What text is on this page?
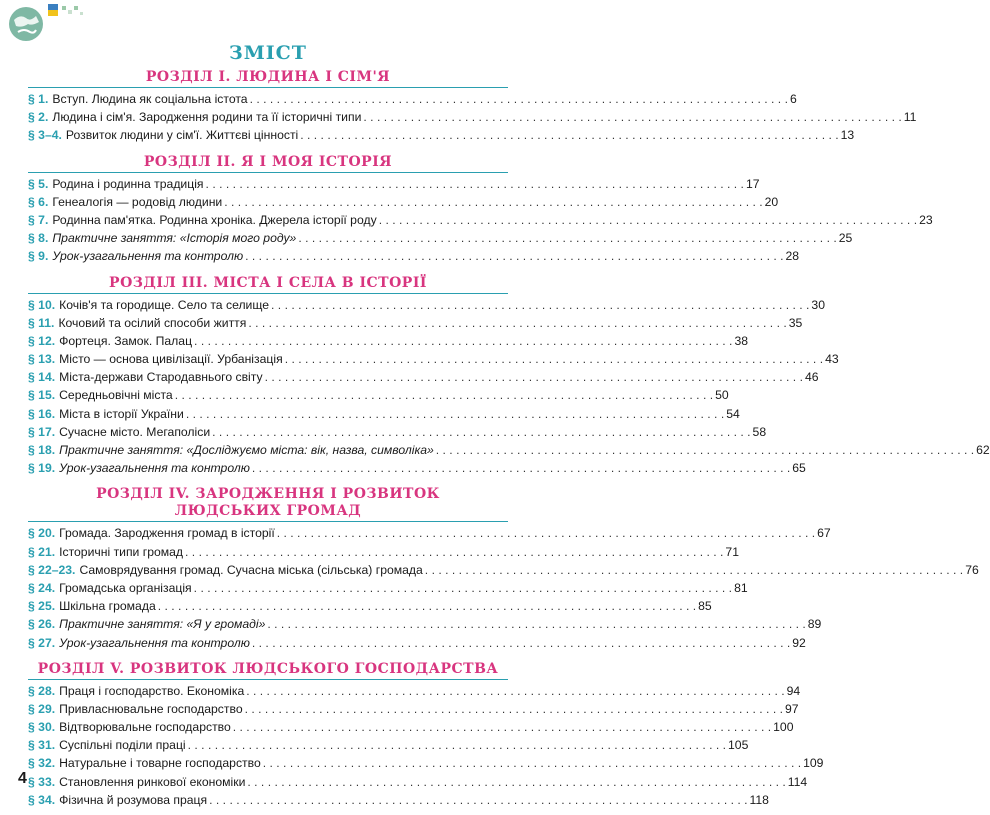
ЗМІСТ
РОЗДІЛ I. ЛЮДИНА І СІМ'Я
§ 1. Вступ. Людина як соціальна істота . . .	6
§ 2. Людина і сім'я. Зародження родини та її історичні типи . . .	11
§ 3–4. Розвиток людини у сім'ї. Життєві цінності . . .	13
РОЗДІЛ II. Я І МОЯ ІСТОРІЯ
§ 5. Родина і родинна традиція . . .	17
§ 6. Генеалогія — родовід людини . . .	20
§ 7. Родинна пам'ятка. Родинна хроніка. Джерела історії роду . . .	23
§ 8. Практичне заняття: «Історія мого роду» . . .	25
§ 9. Урок-узагальнення та контролю . . .	28
РОЗДІЛ III. МІСТА І СЕЛА В ІСТОРІЇ
§ 10. Кочів'я та городище. Село та селище . . .	30
§ 11. Кочовий та осілий способи життя . . .	35
§ 12. Фортеця. Замок. Палац . . .	38
§ 13. Місто — основа цивілізації. Урбанізація . . .	43
§ 14. Міста-держави Стародавнього світу . . .	46
§ 15. Середньовічні міста . . .	50
§ 16. Міста в історії України . . .	54
§ 17. Сучасне місто. Мегаполіси . . .	58
§ 18. Практичне заняття: «Досліджуємо міста: вік, назва, символіка» . . .	62
§ 19. Урок-узагальнення та контролю . . .	65
РОЗДІЛ IV. ЗАРОДЖЕННЯ І РОЗВИТОК
ЛЮДСЬКИХ ГРОМАД
§ 20. Громада. Зародження громад в історії . . .	67
§ 21. Історичні типи громад . . .	71
§ 22–23. Самоврядування громад. Сучасна міська (сільська) громада . . .	76
§ 24. Громадська організація . . .	81
§ 25. Шкільна громада . . .	85
§ 26. Практичне заняття: «Я у громаді» . . .	89
§ 27. Урок-узагальнення та контролю . . .	92
РОЗДІЛ V. РОЗВИТОК ЛЮДСЬКОГО ГОСПОДАРСТВА
§ 28. Праця і господарство. Економіка . . .	94
§ 29. Привласнювальне господарство . . .	97
§ 30. Відтворювальне господарство . . .	100
§ 31. Суспільні поділи праці . . .	105
§ 32. Натуральне і товарне господарство . . .	109
§ 33. Становлення ринкової економіки . . .	114
§ 34. Фізична й розумова праця . . .	118
4
